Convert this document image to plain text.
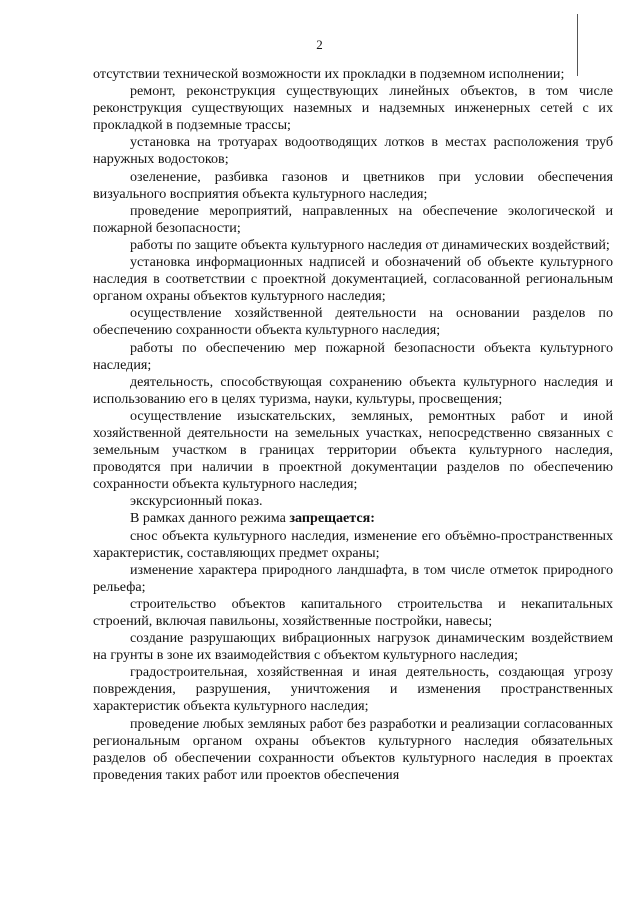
2

отсутствии технической возможности их прокладки в подземном исполнении;

ремонт, реконструкция существующих линейных объектов, в том числе реконструкция существующих наземных и надземных инженерных сетей с их прокладкой в подземные трассы;

установка на тротуарах водоотводящих лотков в местах расположения труб наружных водостоков;

озеленение, разбивка газонов и цветников при условии обеспечения визуального восприятия объекта культурного наследия;

проведение мероприятий, направленных на обеспечение экологической и пожарной безопасности;

работы по защите объекта культурного наследия от динамических воздействий;

установка информационных надписей и обозначений об объекте культурного наследия в соответствии с проектной документацией, согласованной региональным органом охраны объектов культурного наследия;

осуществление хозяйственной деятельности на основании разделов по обеспечению сохранности объекта культурного наследия;

работы по обеспечению мер пожарной безопасности объекта культурного наследия;

деятельность, способствующая сохранению объекта культурного наследия и использованию его в целях туризма, науки, культуры, просвещения;

осуществление изыскательских, земляных, ремонтных работ и иной хозяйственной деятельности на земельных участках, непосредственно связанных с земельным участком в границах территории объекта культурного наследия, проводятся при наличии в проектной документации разделов по обеспечению сохранности объекта культурного наследия;

экскурсионный показ.

В рамках данного режима запрещается:

снос объекта культурного наследия, изменение его объёмно-пространственных характеристик, составляющих предмет охраны;

изменение характера природного ландшафта, в том числе отметок природного рельефа;

строительство объектов капитального строительства и некапитальных строений, включая павильоны, хозяйственные постройки, навесы;

создание разрушающих вибрационных нагрузок динамическим воздействием на грунты в зоне их взаимодействия с объектом культурного наследия;

градостроительная, хозяйственная и иная деятельность, создающая угрозу повреждения, разрушения, уничтожения и изменения пространственных характеристик объекта культурного наследия;

проведение любых земляных работ без разработки и реализации согласованных региональным органом охраны объектов культурного наследия обязательных разделов об обеспечении сохранности объектов культурного наследия в проектах проведения таких работ или проектов обеспечения
